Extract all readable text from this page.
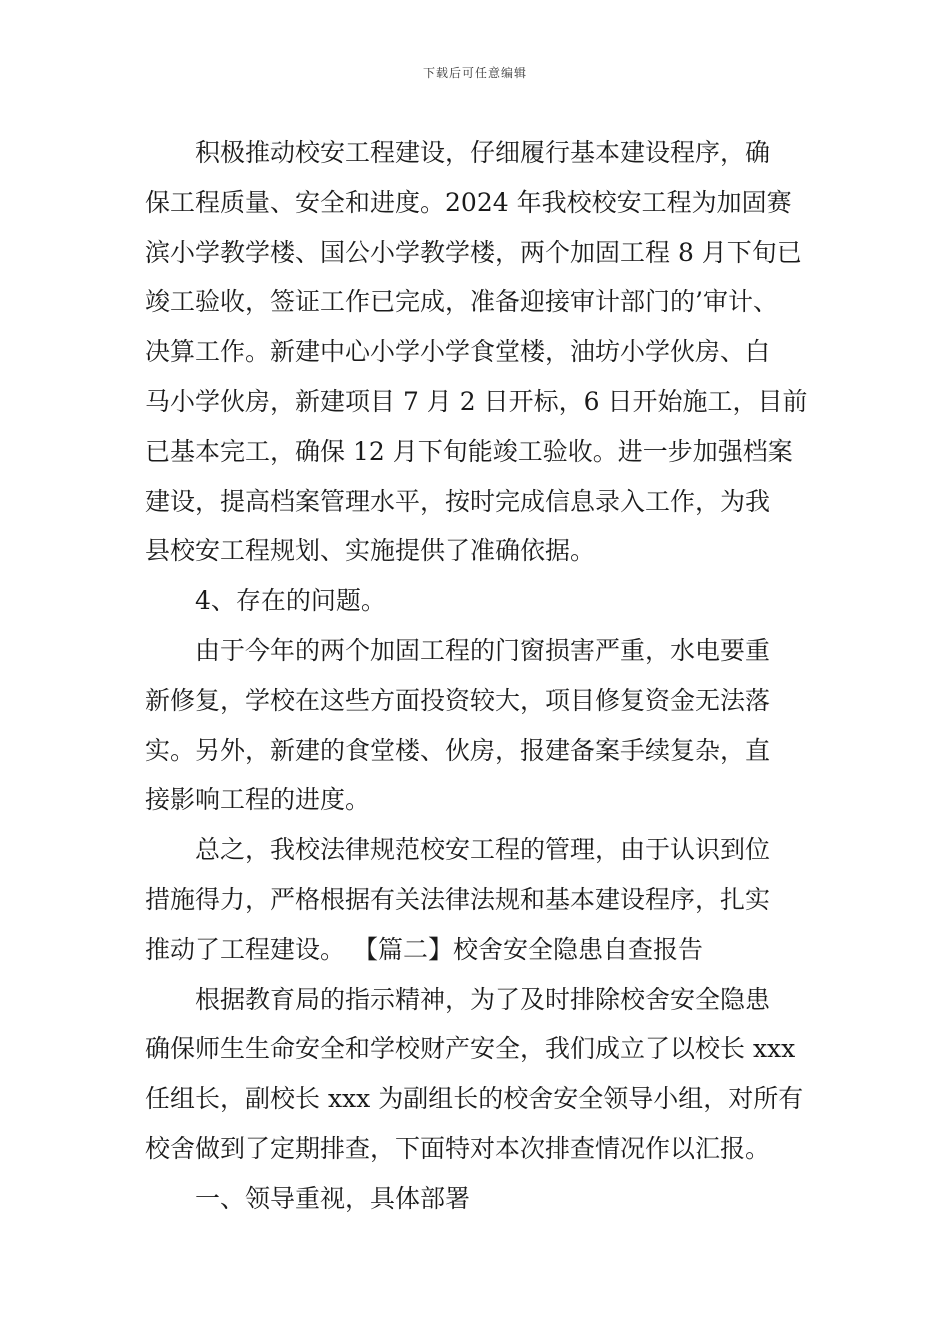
下载后可任意编辑
积极推动校安工程建设，仔细履行基本建设程序，确
保工程质量、安全和进度。2024 年我校校安工程为加固赛
滨小学教学楼、国公小学教学楼，两个加固工程 8 月下旬已
竣工验收，签证工作已完成，准备迎接审计部门的’审计、
决算工作。新建中心小学小学食堂楼，油坊小学伙房、白
马小学伙房，新建项目 7 月 2 日开标，6 日开始施工，目前
已基本完工，确保 12 月下旬能竣工验收。进一步加强档案
建设，提高档案管理水平，按时完成信息录入工作，为我
县校安工程规划、实施提供了准确依据。
4、存在的问题。
由于今年的两个加固工程的门窗损害严重，水电要重
新修复，学校在这些方面投资较大，项目修复资金无法落
实。另外，新建的食堂楼、伙房，报建备案手续复杂，直
接影响工程的进度。
总之，我校法律规范校安工程的管理，由于认识到位
措施得力，严格根据有关法律法规和基本建设程序，扎实
推动了工程建设。 【篇二】校舍安全隐患自查报告
根据教育局的指示精神，为了及时排除校舍安全隐患
确保师生生命安全和学校财产安全，我们成立了以校长 xxx
任组长，副校长 xxx 为副组长的校舍安全领导小组，对所有
校舍做到了定期排查，下面特对本次排查情况作以汇报。
一、领导重视，具体部署
